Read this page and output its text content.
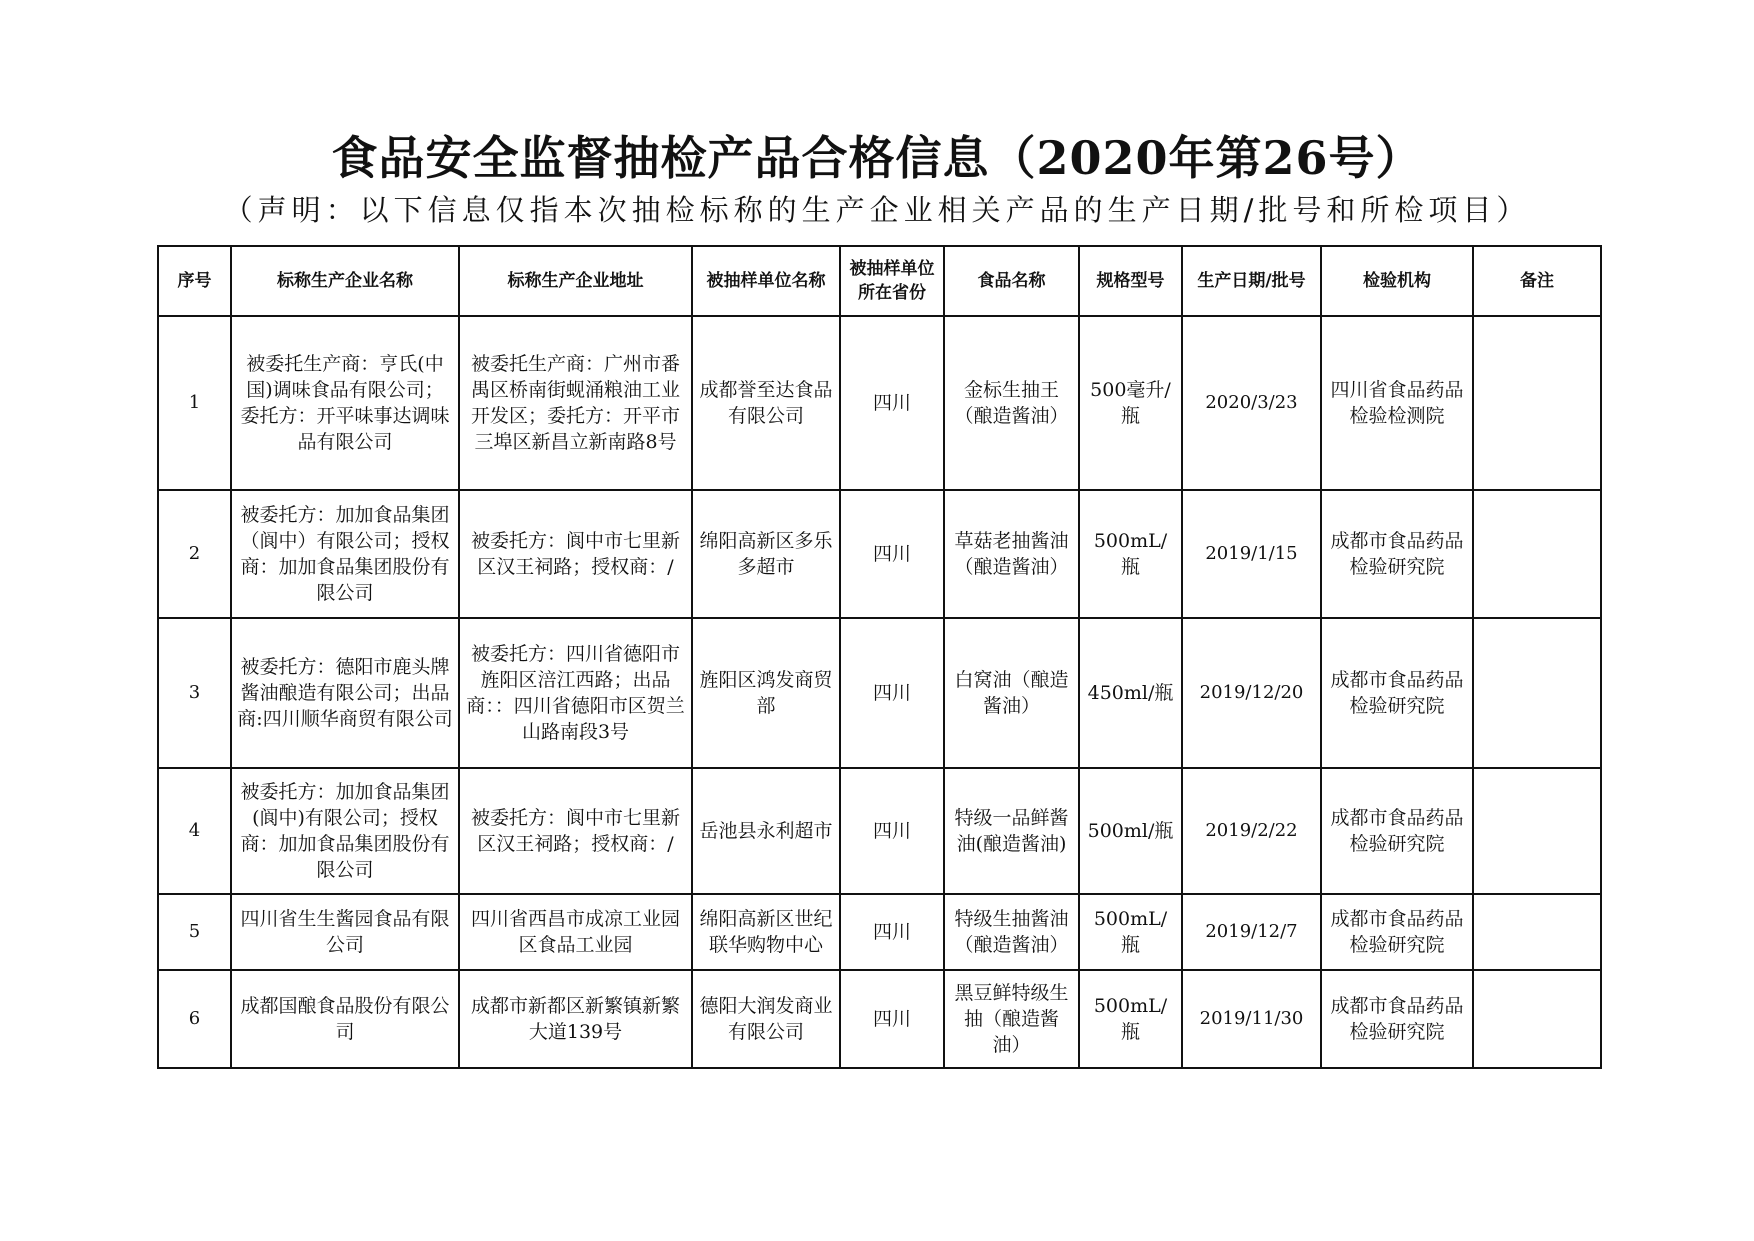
食品安全监督抽检产品合格信息（2020年第26号）
（声明：以下信息仅指本次抽检标称的生产企业相关产品的生产日期/批号和所检项目）
序号	标称生产企业名称	标称生产企业地址	被抽样单位名称	被抽样单位所在省份	食品名称	规格型号	生产日期/批号	检验机构	备注
1	被委托生产商：亨氏(中国)调味食品有限公司；委托方：开平味事达调味品有限公司	被委托生产商：广州市番禺区桥南街蚬涌粮油工业开发区；委托方：开平市三埠区新昌立新南路8号	成都誉至达食品有限公司	四川	金标生抽王（酿造酱油）	500毫升/瓶	2020/3/23	四川省食品药品检验检测院	
2	被委托方：加加食品集团（阆中）有限公司；授权商：加加食品集团股份有限公司	被委托方：阆中市七里新区汉王祠路；授权商：/	绵阳高新区多乐多超市	四川	草菇老抽酱油（酿造酱油）	500mL/瓶	2019/1/15	成都市食品药品检验研究院	
3	被委托方：德阳市鹿头牌酱油酿造有限公司；出品商:四川顺华商贸有限公司	被委托方：四川省德阳市旌阳区涪江西路；出品商：：四川省德阳市区贺兰山路南段3号	旌阳区鸿发商贸部	四川	白窝油（酿造酱油）	450ml/瓶	2019/12/20	成都市食品药品检验研究院	
4	被委托方：加加食品集团(阆中)有限公司；授权商：加加食品集团股份有限公司	被委托方：阆中市七里新区汉王祠路；授权商：/	岳池县永利超市	四川	特级一品鲜酱油(酿造酱油)	500ml/瓶	2019/2/22	成都市食品药品检验研究院	
5	四川省生生酱园食品有限公司	四川省西昌市成凉工业园区食品工业园	绵阳高新区世纪联华购物中心	四川	特级生抽酱油（酿造酱油）	500mL/瓶	2019/12/7	成都市食品药品检验研究院	
6	成都国酿食品股份有限公司	成都市新都区新繁镇新繁大道139号	德阳大润发商业有限公司	四川	黑豆鲜特级生抽（酿造酱油）	500mL/瓶	2019/11/30	成都市食品药品检验研究院	
